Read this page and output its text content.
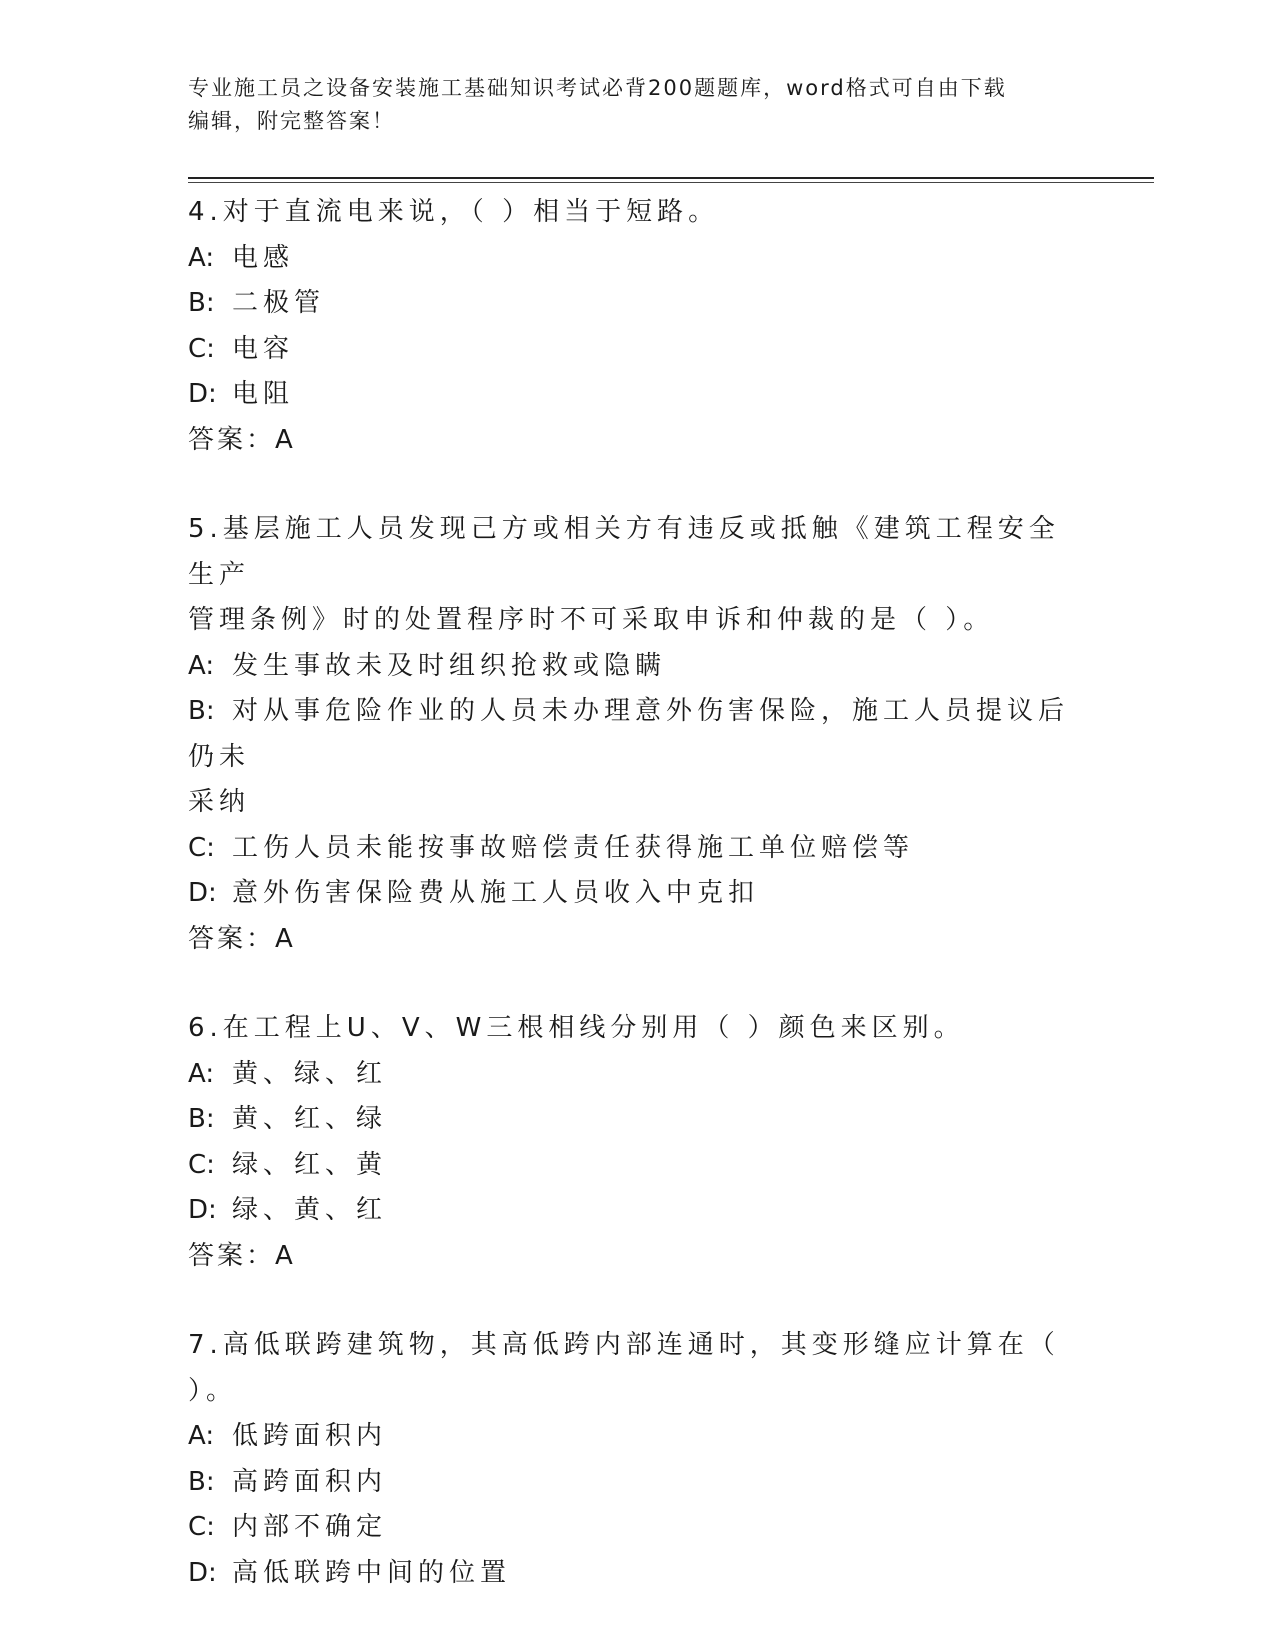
专业施工员之设备安装施工基础知识考试必背200题题库，word格式可自由下载
编辑，附完整答案！
4.对于直流电来说，（ ）相当于短路。
A: 电感
B: 二极管
C: 电容
D: 电阻
答案：A
5.基层施工人员发现己方或相关方有违反或抵触《建筑工程安全生产
管理条例》时的处置程序时不可采取申诉和仲裁的是（ ）。
A: 发生事故未及时组织抢救或隐瞒
B: 对从事危险作业的人员未办理意外伤害保险，施工人员提议后仍未
采纳
C: 工伤人员未能按事故赔偿责任获得施工单位赔偿等
D: 意外伤害保险费从施工人员收入中克扣
答案：A
6.在工程上U、V、W三根相线分别用（ ）颜色来区别。
A: 黄、绿、红
B: 黄、红、绿
C: 绿、红、黄
D: 绿、黄、红
答案：A
7.高低联跨建筑物，其高低跨内部连通时，其变形缝应计算在（ ）。
A: 低跨面积内
B: 高跨面积内
C: 内部不确定
D: 高低联跨中间的位置
